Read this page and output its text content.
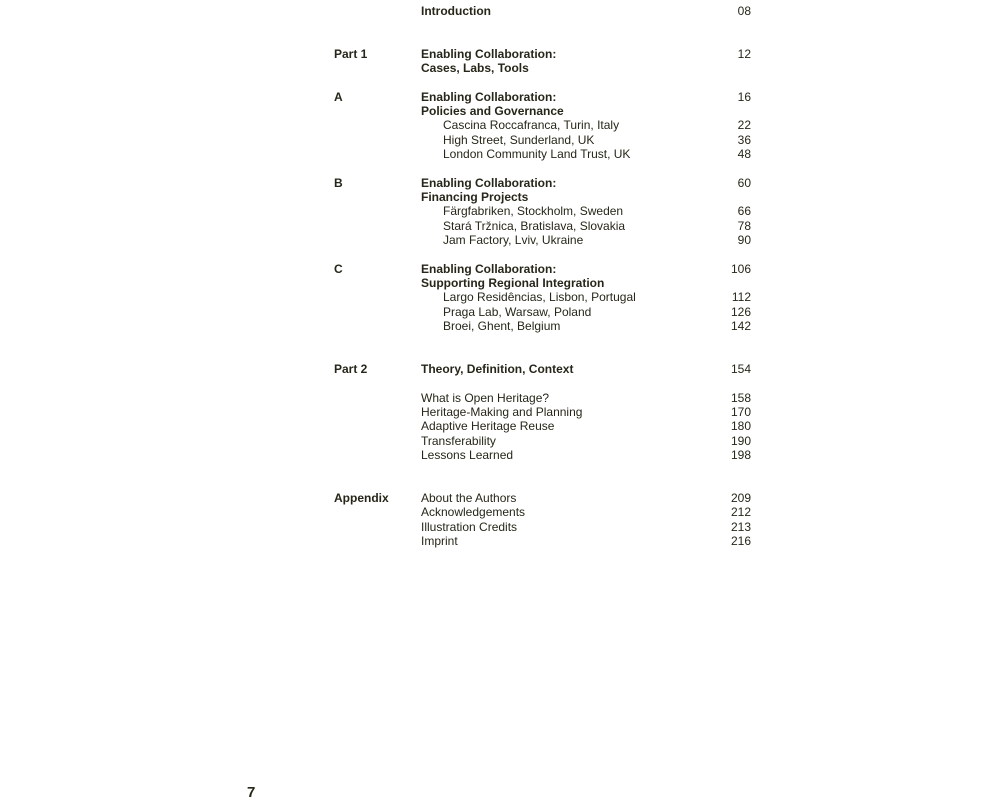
Introduction	08
Part 1	Enabling Collaboration:	12
Cases, Labs, Tools
A	Enabling Collaboration:	16
Policies and Governance
Cascina Roccafranca, Turin, Italy	22
High Street, Sunderland, UK	36
London Community Land Trust, UK	48
B	Enabling Collaboration:	60
Financing Projects
Färgfabriken, Stockholm, Sweden	66
Stará Tržnica, Bratislava, Slovakia	78
Jam Factory, Lviv, Ukraine	90
C	Enabling Collaboration:	106
Supporting Regional Integration
Largo Residências, Lisbon, Portugal	112
Praga Lab, Warsaw, Poland	126
Broei, Ghent, Belgium	142
Part 2	Theory, Definition, Context	154
What is Open Heritage?	158
Heritage-Making and Planning	170
Adaptive Heritage Reuse	180
Transferability	190
Lessons Learned	198
Appendix	About the Authors	209
Acknowledgements	212
Illustration Credits	213
Imprint	216
7
